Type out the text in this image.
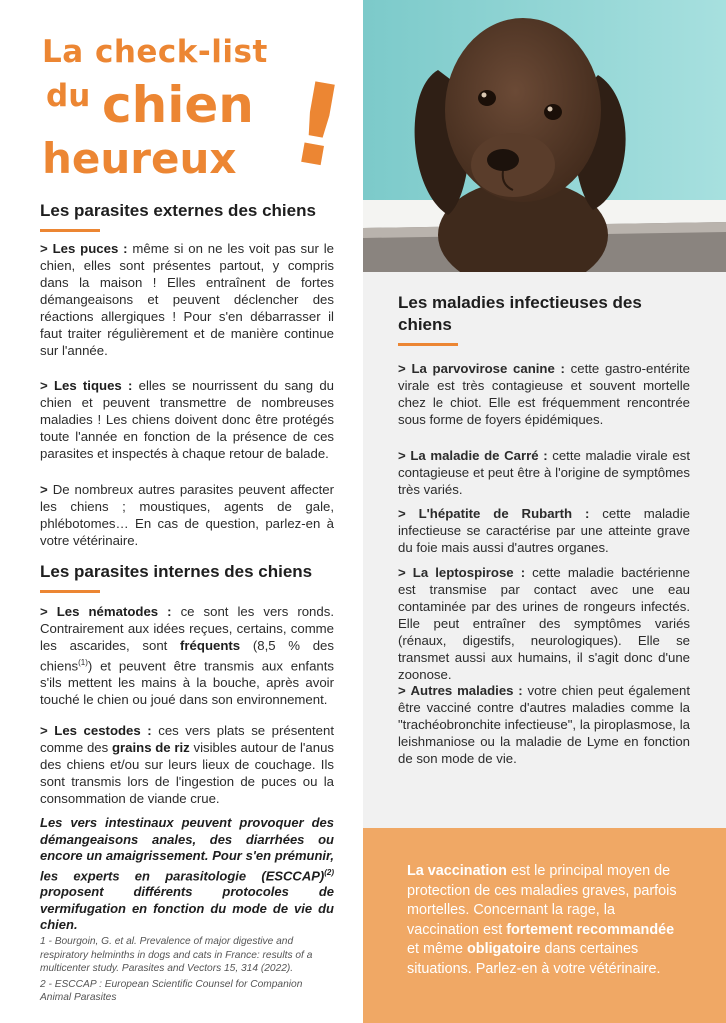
La check-list
du chien
heureux !
Les parasites externes des chiens
> Les puces : même si on ne les voit pas sur le chien, elles sont présentes partout, y compris dans la maison ! Elles entraînent de fortes démangeaisons et peuvent déclencher des réactions allergiques ! Pour s'en débarrasser il faut traiter régulièrement et de manière continue sur l'année.
> Les tiques : elles se nourrissent du sang du chien et peuvent transmettre de nombreuses maladies ! Les chiens doivent donc être protégés toute l'année en fonction de la présence de ces parasites et inspectés à chaque retour de balade.
> De nombreux autres parasites peuvent affecter les chiens ; moustiques, agents de gale, phlébotomes… En cas de question, parlez-en à votre vétérinaire.
Les parasites internes des chiens
> Les nématodes : ce sont les vers ronds. Contrairement aux idées reçues, certains, comme les ascarides, sont fréquents (8,5 % des chiens$^{(1)}$) et peuvent être transmis aux enfants s'ils mettent les mains à la bouche, après avoir touché le chien ou joué dans son environnement.
> Les cestodes : ces vers plats se présentent comme des grains de riz visibles autour de l'anus des chiens et/ou sur leurs lieux de couchage. Ils sont transmis lors de l'ingestion de puces ou la consommation de viande crue.
Les vers intestinaux peuvent provoquer des démangeaisons anales, des diarrhées ou encore un amaigrissement. Pour s'en prémunir, les experts en parasitologie (ESCCAP)$^{(2)}$ proposent différents protocoles de vermifugation en fonction du mode de vie du chien.

1 - Bourgoin, G. et al. Prevalence of major digestive and respiratory helminths in dogs and cats in France: results of a multicenter study. Parasites and Vectors 15, 314 (2022).

2 - ESCCAP : European Scientific Counsel for Companion Animal Parasites

Les maladies infectieuses des chiens
> La parvovirose canine : cette gastro-entérite virale est très contagieuse et souvent mortelle chez le chiot. Elle est fréquemment rencontrée sous forme de foyers épidémiques.
> La maladie de Carré : cette maladie virale est contagieuse et peut être à l'origine de symptômes très variés.
> L'hépatite de Rubarth : cette maladie infectieuse se caractérise par une atteinte grave du foie mais aussi d'autres organes.
> La leptospirose : cette maladie bactérienne est transmise par contact avec une eau contaminée par des urines de rongeurs infectés. Elle peut entraîner des symptômes variés (rénaux, digestifs, neurologiques). Elle se transmet aussi aux humains, il s'agit donc d'une zoonose.
> Autres maladies : votre chien peut également être vacciné contre d'autres maladies comme la "trachéobronchite infectieuse", la piroplasmose, la leishmaniose ou la maladie de Lyme en fonction de son mode de vie.
La vaccination est le principal moyen de protection de ces maladies graves, parfois mortelles. Concernant la rage, la vaccination est fortement recommandée et même obligatoire dans certaines situations. Parlez-en à votre vétérinaire.
